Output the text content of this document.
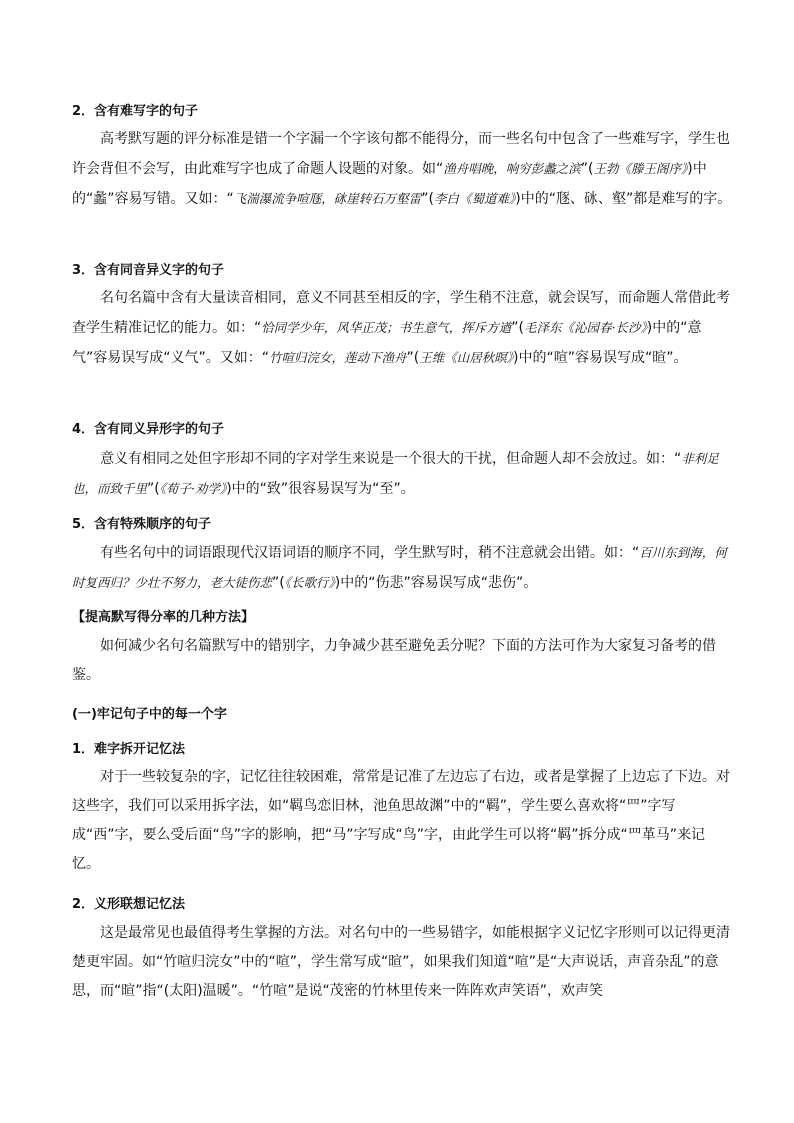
2．含有难写字的句子

高考默写题的评分标准是错一个字漏一个字该句都不能得分，而一些名句中包含了一些难写字，学生也许会背但不会写，由此难写字也成了命题人设题的对象。如“渔舟唱晚，响穷彭蠡之滨”(王勃《滕王阁序》)中的“蠡”容易写错。又如：“飞湍瀑流争喧豗，砯崖转石万壑雷”(李白《蜀道难》)中的“豗、砯、壑”都是难写的字。

3．含有同音异义字的句子

名句名篇中含有大量读音相同，意义不同甚至相反的字，学生稍不注意，就会误写，而命题人常借此考查学生精准记忆的能力。如：“恰同学少年，风华正茂；书生意气，挥斥方遒”(毛泽东《沁园春·长沙》)中的“意气”容易误写成“义气”。又如：“竹喧归浣女，莲动下渔舟”(王维《山居秋暝》)中的“喧”容易误写成“暄”。

4．含有同义异形字的句子

意义有相同之处但字形却不同的字对学生来说是一个很大的干扰，但命题人却不会放过。如：“非利足也，而致千里”(《荀子·劝学》)中的“致”很容易误写为“至”。

5．含有特殊顺序的句子

有些名句中的词语跟现代汉语词语的顺序不同，学生默写时，稍不注意就会出错。如：“百川东到海，何时复西归？少壮不努力，老大徒伤悲”(《长歌行》)中的“伤悲”容易误写成“悲伤”。

【提高默写得分率的几种方法】

如何减少名句名篇默写中的错别字，力争减少甚至避免丢分呢？下面的方法可作为大家复习备考的借鉴。

(一)牢记句子中的每一个字
1．难字拆开记忆法

对于一些较复杂的字，记忆往往较困难，常常是记准了左边忘了右边，或者是掌握了上边忘了下边。对这些字，我们可以采用拆字法，如“羁鸟恋旧林，池鱼思故渊”中的“羁”，学生要么喜欢将“罒”字写成“西”字，要么受后面“鸟”字的影响，把“马”字写成“鸟”字，由此学生可以将“羁”拆分成“罒革马”来记忆。

2．义形联想记忆法

这是最常见也最值得考生掌握的方法。对名句中的一些易错字，如能根据字义记忆字形则可以记得更清楚更牢固。如“竹喧归浣女”中的“喧”，学生常写成“暄”，如果我们知道“喧”是“大声说话，声音杂乱”的意思，而“暄”指“(太阳)温暖”。“竹喧”是说“茂密的竹林里传来一阵阵欢声笑语”，欢声笑
